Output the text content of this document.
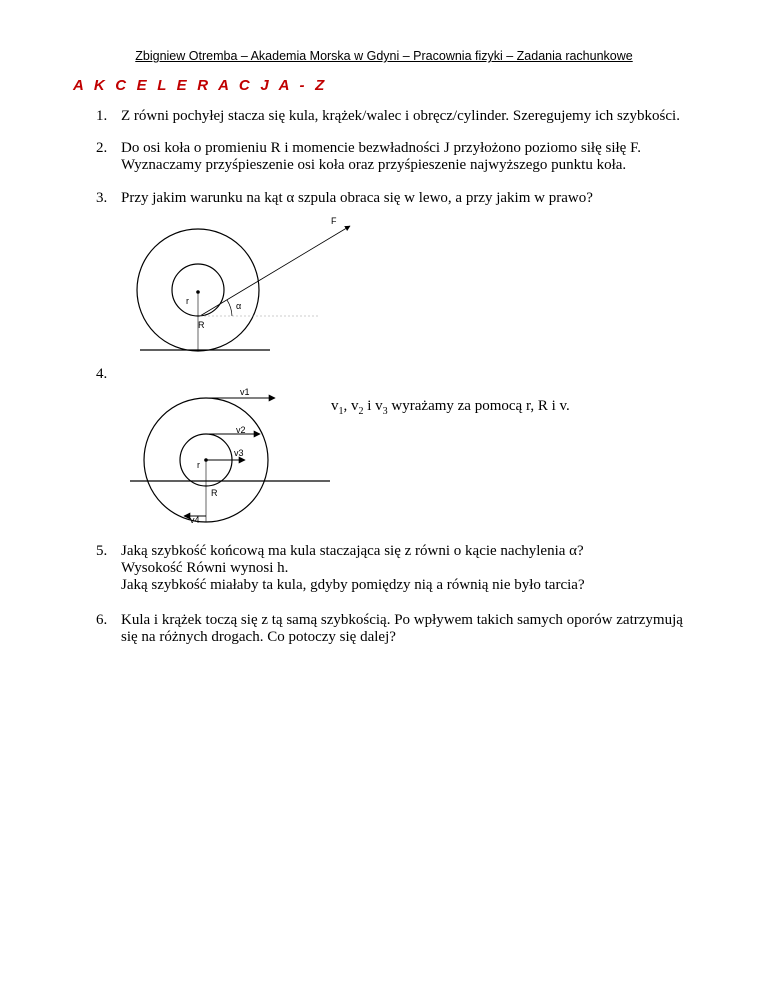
Zbigniew Otremba – Akademia Morska w Gdyni – Pracownia fizyki – Zadania rachunkowe
A K C E L E R A C J A - Z
1. Z równi pochyłej stacza się kula, krążek/walec i obręcz/cylinder. Szeregujemy ich szybkości.
2. Do osi koła o promieniu R i momencie bezwładności J przyłożono poziomo siłę siłę F.
Wyznaczamy przyśpieszenie osi koła oraz przyśpieszenie najwyższego punktu koła.
3. Przy jakim warunku na kąt α szpula obraca się w lewo, a przy jakim w prawo?
F
α
r
R
4.
v1
v2
v3
v4
r
R
$v_1$, $v_2$ i $v_3$ wyrażamy za pomocą r, R i v.
5. Jaką szybkość końcową ma kula staczająca się z równi o kącie nachylenia α?
Wysokość Równi wynosi h.
Jaką szybkość miałaby ta kula, gdyby pomiędzy nią a równią nie było tarcia?
6. Kula i krążek toczą się z tą samą szybkością. Po wpływem takich samych oporów zatrzymują
się na różnych drogach. Co potoczy się dalej?
